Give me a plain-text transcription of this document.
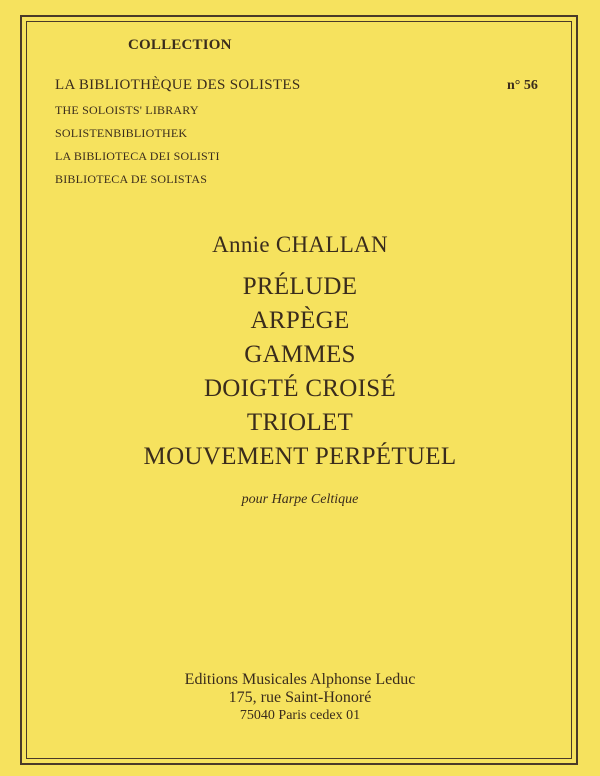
COLLECTION
LA BIBLIOTHÈQUE DES SOLISTES	n° 56
THE SOLOISTS' LIBRARY
SOLISTENBIBLIOTHEK
LA BIBLIOTECA DEI SOLISTI
BIBLIOTECA DE SOLISTAS
Annie CHALLAN
PRÉLUDE
ARPÈGE
GAMMES
DOIGTÉ CROISÉ
TRIOLET
MOUVEMENT PERPÉTUEL
pour Harpe Celtique
Editions Musicales Alphonse Leduc
175, rue Saint-Honoré
75040 Paris cedex 01
